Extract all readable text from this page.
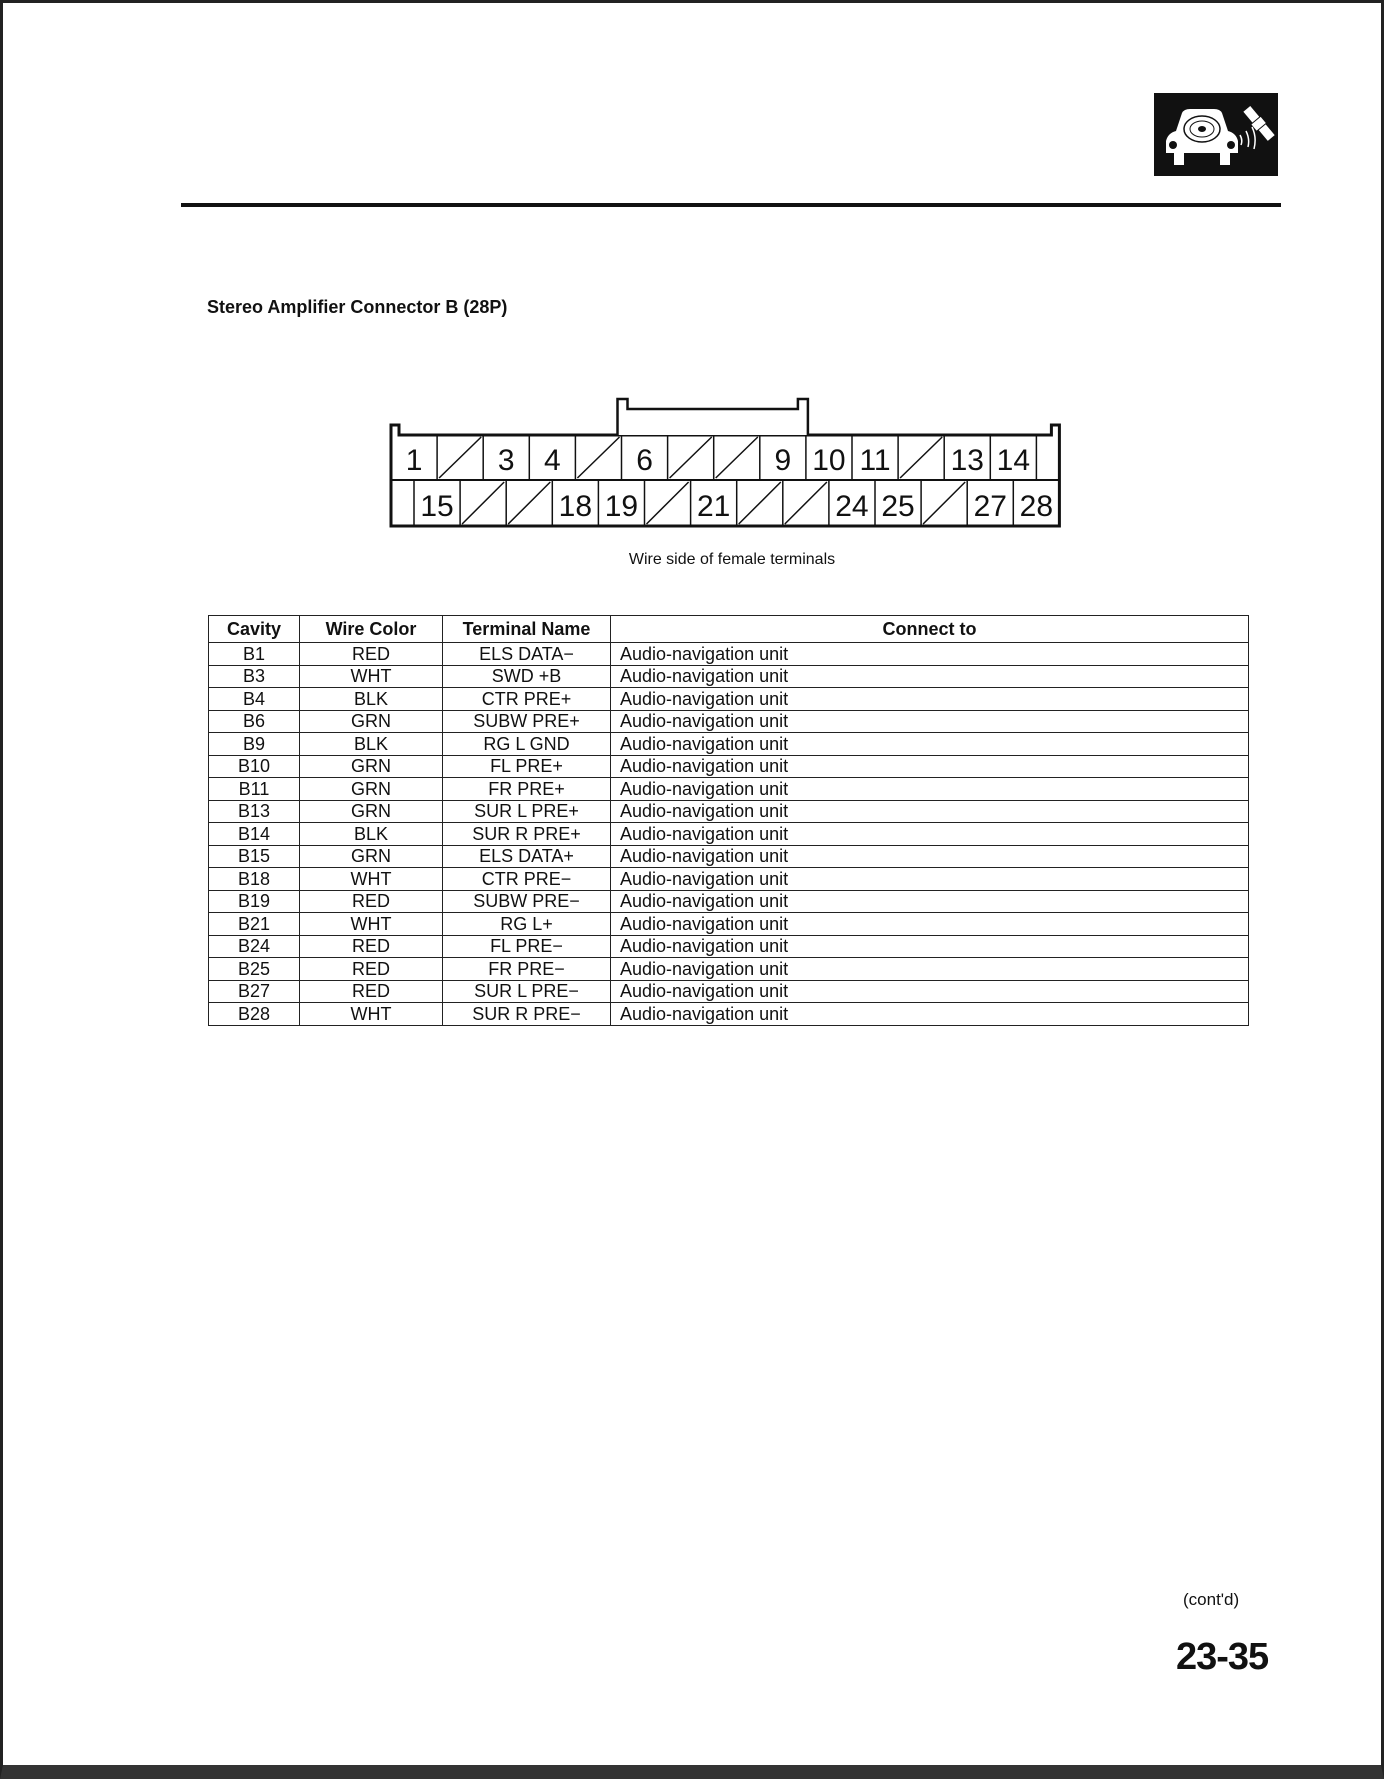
Stereo Amplifier Connector B (28P)
1	3 4	6	9 10 11 13 14
15	18 19 21	24 25 27 28
Wire side of female terminals
Cavity	Wire Color	Terminal Name	Connect to
B1	RED	ELS DATA−	Audio-navigation unit
B3	WHT	SWD +B	Audio-navigation unit
B4	BLK	CTR PRE+	Audio-navigation unit
B6	GRN	SUBW PRE+	Audio-navigation unit
B9	BLK	RG L GND	Audio-navigation unit
B10	GRN	FL PRE+	Audio-navigation unit
B11	GRN	FR PRE+	Audio-navigation unit
B13	GRN	SUR L PRE+	Audio-navigation unit
B14	BLK	SUR R PRE+	Audio-navigation unit
B15	GRN	ELS DATA+	Audio-navigation unit
B18	WHT	CTR PRE−	Audio-navigation unit
B19	RED	SUBW PRE−	Audio-navigation unit
B21	WHT	RG L+	Audio-navigation unit
B24	RED	FL PRE−	Audio-navigation unit
B25	RED	FR PRE−	Audio-navigation unit
B27	RED	SUR L PRE−	Audio-navigation unit
B28	WHT	SUR R PRE−	Audio-navigation unit
(cont'd)
23-35
